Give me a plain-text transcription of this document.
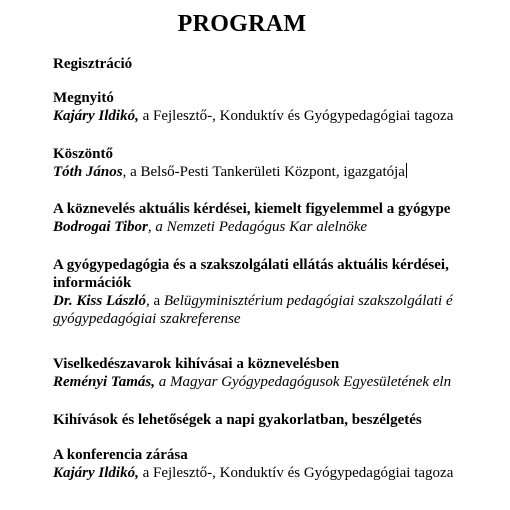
PROGRAM
Regisztráció
Megnyitó
Kajáry Ildikó, a Fejlesztő-, Konduktív és Gyógypedagógiai tagoza
Köszöntő
Tóth János, a Belső-Pesti Tankerületi Központ, igazgatója
A köznevelés aktuális kérdései, kiemelt figyelemmel a gyógype
Bodrogai Tibor, a Nemzeti Pedagógus Kar alelnöke
A gyógypedagógia és a szakszolgálati ellátás aktuális kérdései,
információk
Dr. Kiss László, a Belügyminisztérium pedagógiai szakszolgálati é
gyógypedagógiai szakreferense
Viselkedészavarok kihívásai a köznevelésben
Reményi Tamás, a Magyar Gyógypedagógusok Egyesületének eln
Kihívások és lehetőségek a napi gyakorlatban, beszélgetés
A konferencia zárása
Kajáry Ildikó, a Fejlesztő-, Konduktív és Gyógypedagógiai tagoza
